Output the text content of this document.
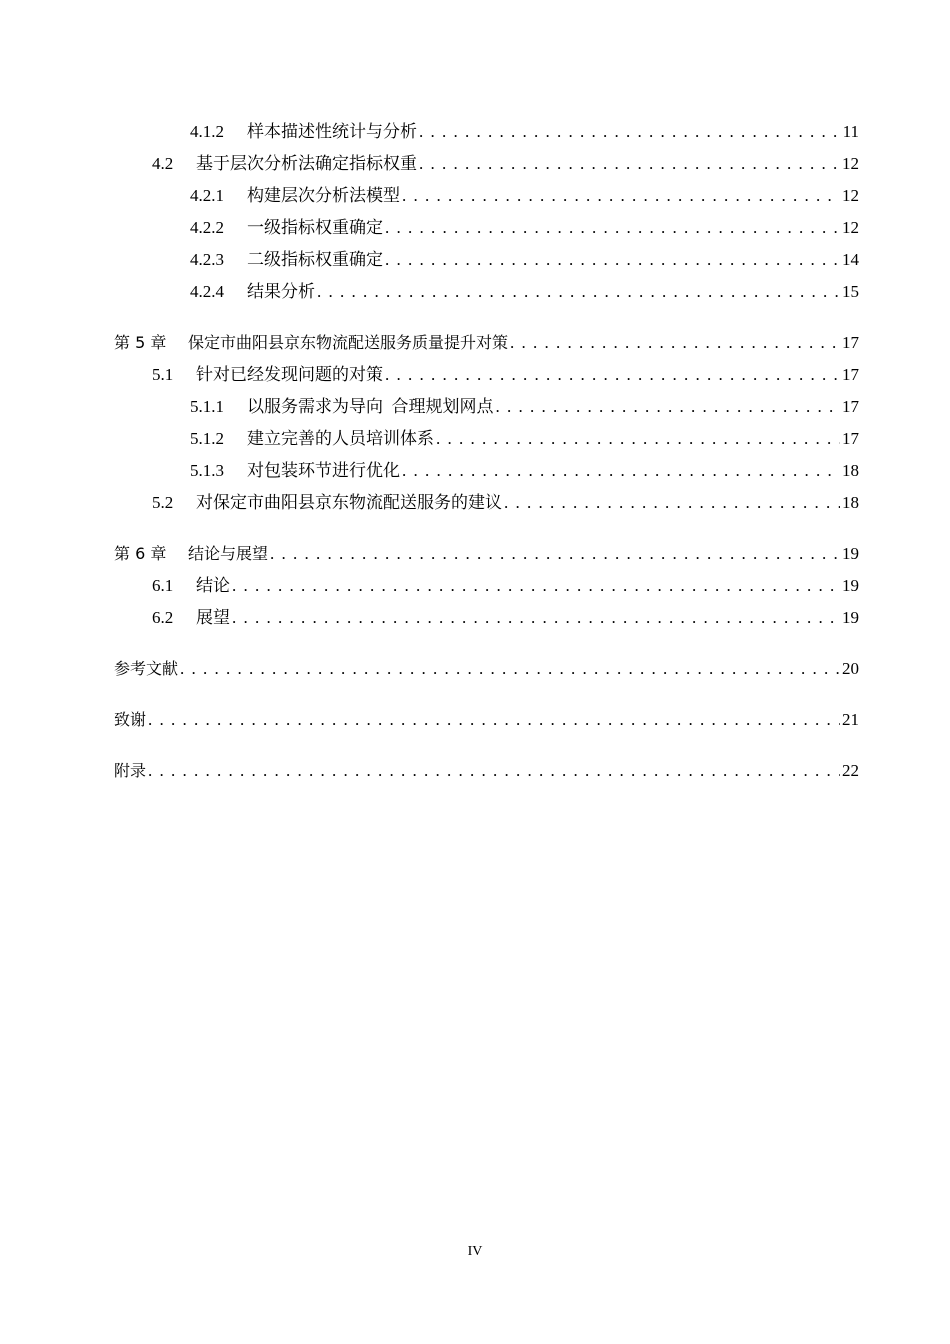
4.1.2	样本描述性统计与分析 . . .	11
4.2	基于层次分析法确定指标权重 . . .	12
4.2.1	构建层次分析法模型 . . .	12
4.2.2	一级指标权重确定 . . .	12
4.2.3	二级指标权重确定 . . .	14
4.2.4	结果分析 . . .	15
第 5 章	保定市曲阳县京东物流配送服务质量提升对策 . . .	17
5.1	针对已经发现问题的对策 . . .	17
5.1.1	以服务需求为导向  合理规划网点 . . .	17
5.1.2	建立完善的人员培训体系 . . .	17
5.1.3	对包装环节进行优化 . . .	18
5.2	对保定市曲阳县京东物流配送服务的建议 . . .	18
第 6 章	结论与展望 . . .	19
6.1	结论 . . .	19
6.2	展望 . . .	19
参考文献 . . .	20
致谢 . . .	21
附录 . . .	22
IV
